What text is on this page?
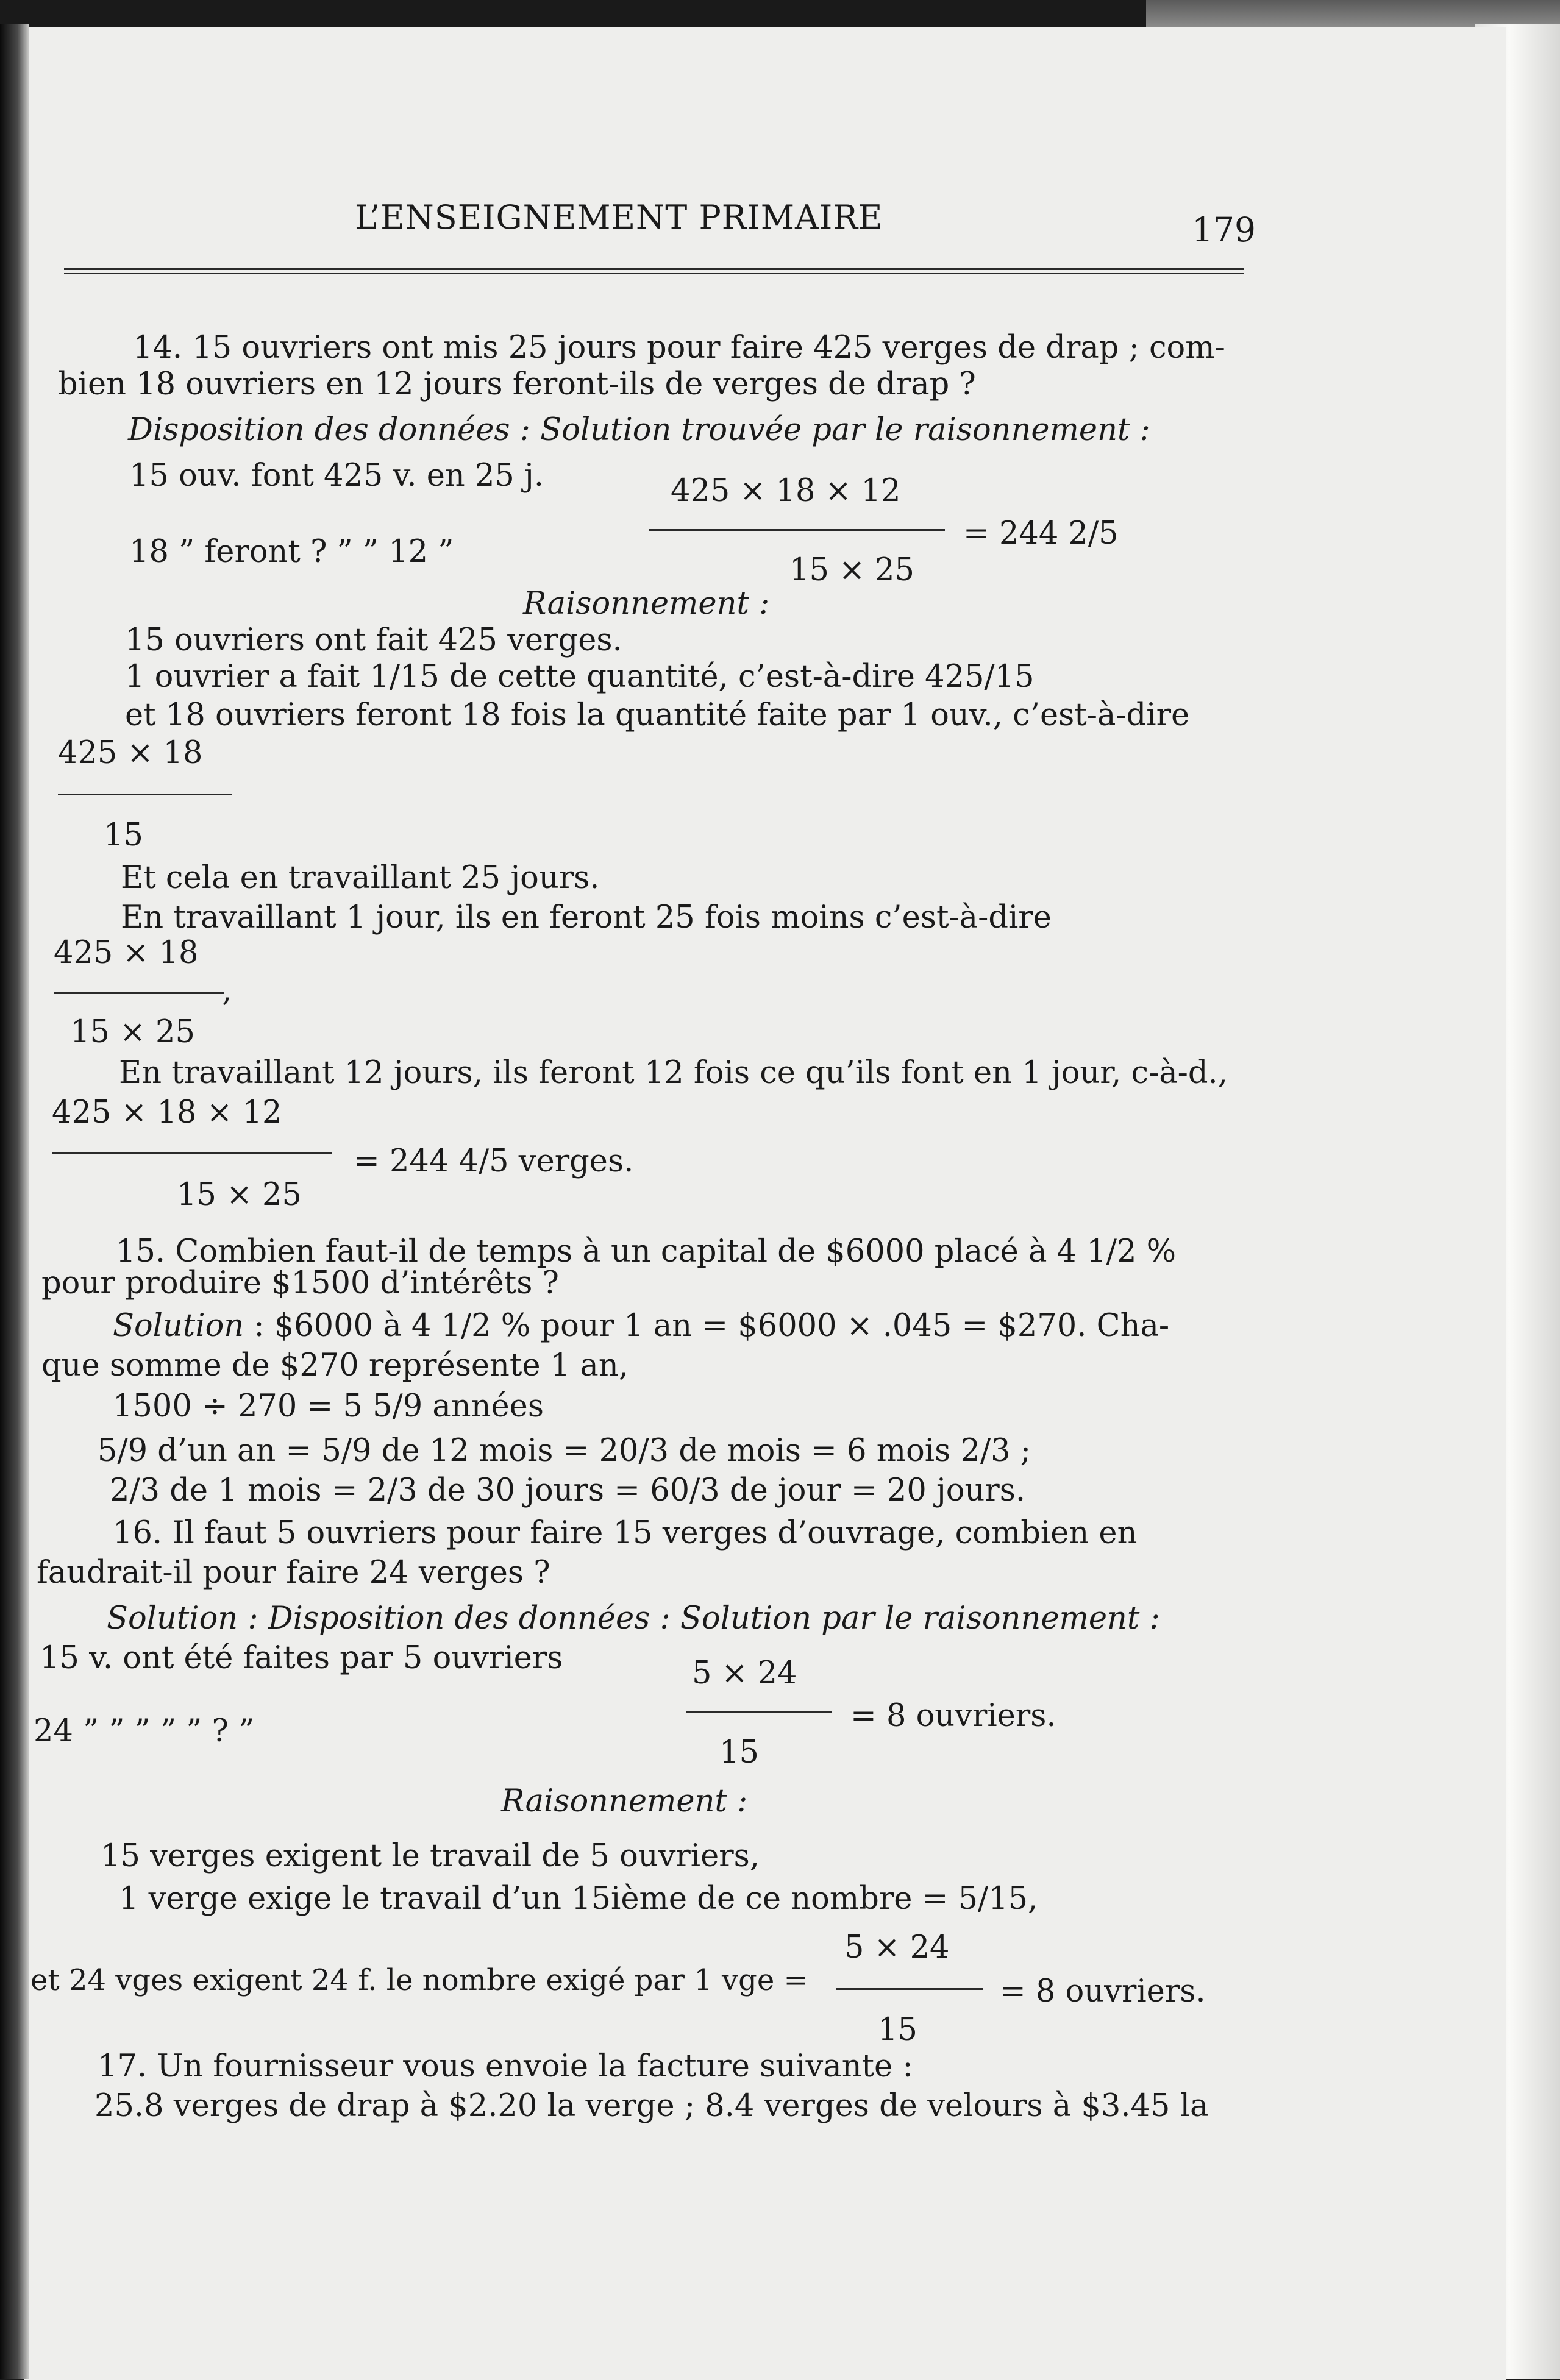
L’ENSEIGNEMENT PRIMAIRE	179
14. 15 ouvriers ont mis 25 jours pour faire 425 verges de drap ; com-
bien 18 ouvriers en 12 jours feront-ils de verges de drap ?
Disposition des données : Solution trouvée par le raisonnement :
15 ouv. font 425 v. en 25 j.
18 ” feront ? ” ” 12 ”
425 × 18 × 12
15 × 25
= 244 2/5
Raisonnement :
15 ouvriers ont fait 425 verges.
1 ouvrier a fait 1/15 de cette quantité, c’est-à-dire 425/15
et 18 ouvriers feront 18 fois la quantité faite par 1 ouv., c’est-à-dire
425 × 18
15
Et cela en travaillant 25 jours.
En travaillant 1 jour, ils en feront 25 fois moins c’est-à-dire
425 × 18
,
15 × 25
En travaillant 12 jours, ils feront 12 fois ce qu’ils font en 1 jour, c-à-d.,
425 × 18 × 12
= 244 4/5 verges.
15 × 25
15. Combien faut-il de temps à un capital de $6000 placé à 4 1/2 %
pour produire $1500 d’intérêts ?
Solution : $6000 à 4 1/2 % pour 1 an = $6000 × .045 = $270. Cha-
que somme de $270 représente 1 an,
1500 ÷ 270 = 5 5/9 années
5/9 d’un an = 5/9 de 12 mois = 20/3 de mois = 6 mois 2/3 ;
2/3 de 1 mois = 2/3 de 30 jours = 60/3 de jour = 20 jours.
16. Il faut 5 ouvriers pour faire 15 verges d’ouvrage, combien en
faudrait-il pour faire 24 verges ?
Solution : Disposition des données : Solution par le raisonnement :
15 v. ont été faites par 5 ouvriers
24 ” ” ” ” ” ? ”
5 × 24
15
= 8 ouvriers.
Raisonnement :
15 verges exigent le travail de 5 ouvriers,
1 verge exige le travail d’un 15ième de ce nombre = 5/15,
et 24 vges exigent 24 f. le nombre exigé par 1 vge =
5 × 24
15
= 8 ouvriers.
17. Un fournisseur vous envoie la facture suivante :
25.8 verges de drap à $2.20 la verge ; 8.4 verges de velours à $3.45 la
